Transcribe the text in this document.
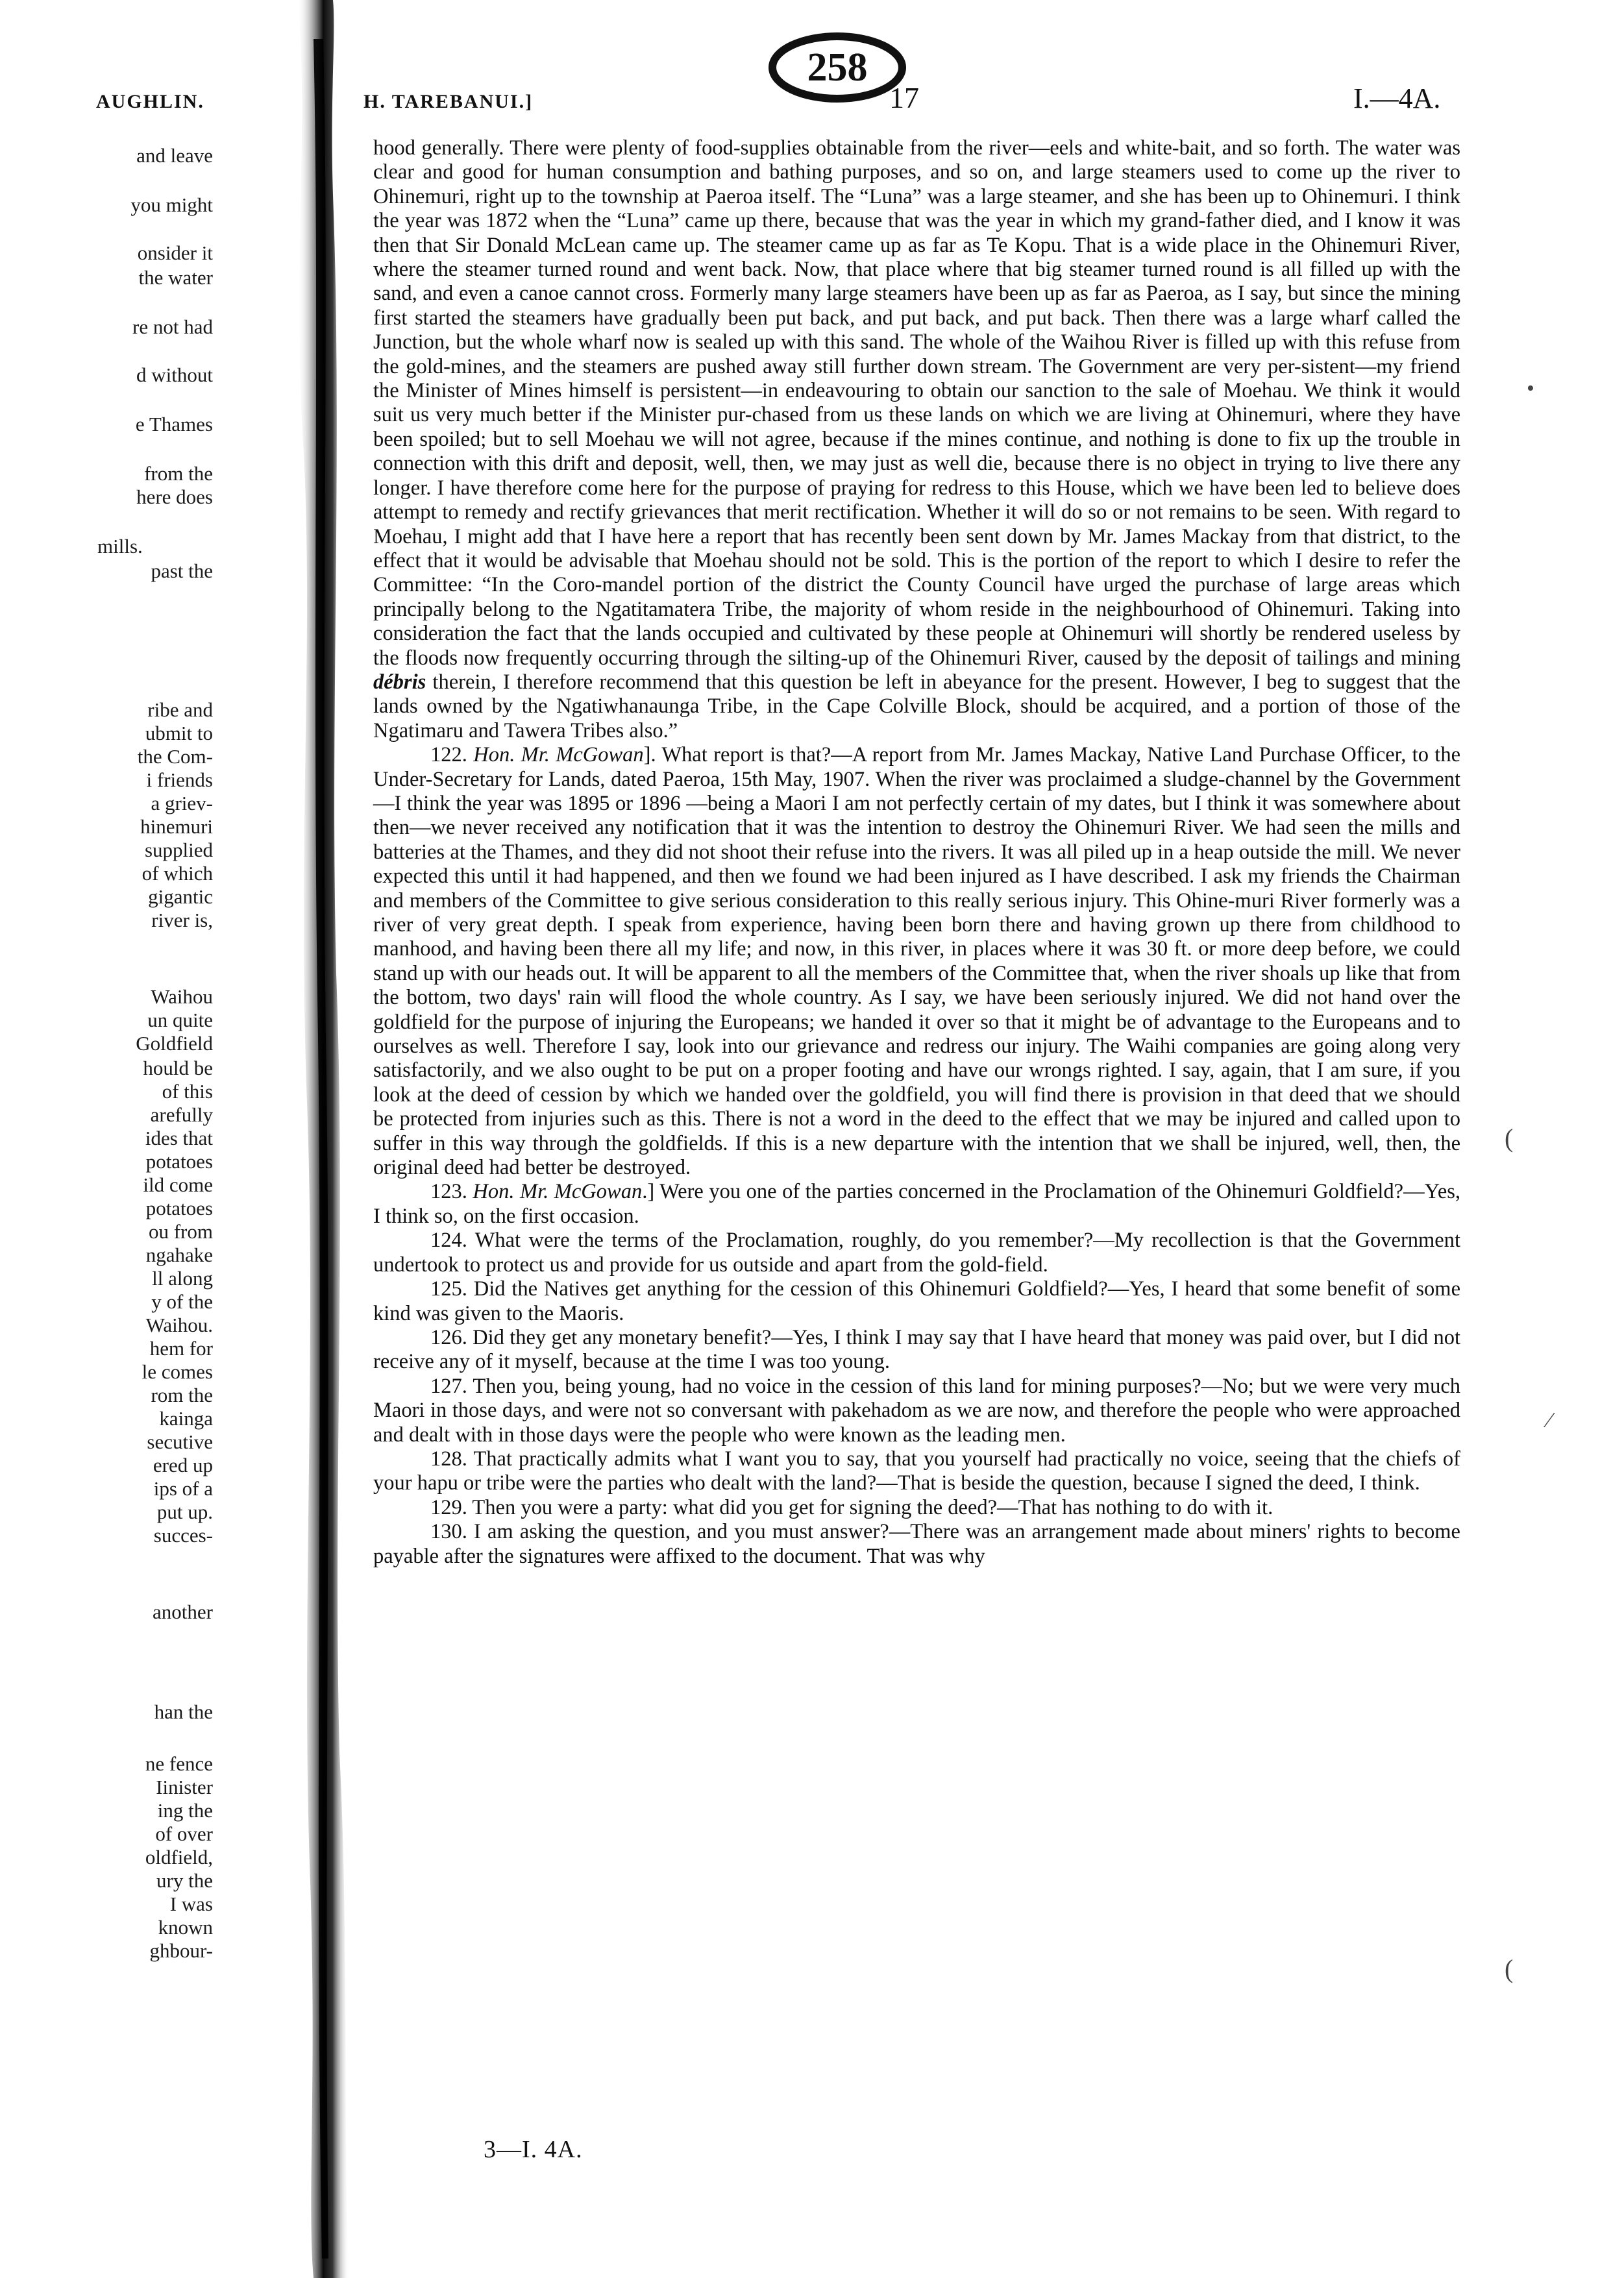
AUGHLIN.
and leave
you might
onsider it
the water
re not had
d without
e Thames
from the
here does
mills.
past the
ribe and
ubmit to
the Com-
i friends
a griev-
hinemuri
supplied
of which
gigantic
river is,
Waihou
un quite
Goldfield
hould be
of this
arefully
ides that
potatoes
ild come
potatoes
ou from
ngahake
ll along
y of the
Waihou.
hem for
le comes
rom the
kainga
secutive
ered up
ips of a
put up.
succes-
another
han the
ne fence
Iinister
ing the
of over
oldfield,
ury the
I was
known
ghbour-
258
H. TAREBANUI.]	17	I.—4A.

hood generally. There were plenty of food-supplies obtainable from the river—eels and white-bait, and so forth. The water was clear and good for human consumption and bathing purposes, and so on, and large steamers used to come up the river to Ohinemuri, right up to the township at Paeroa itself. The “Luna” was a large steamer, and she has been up to Ohinemuri. I think the year was 1872 when the “Luna” came up there, because that was the year in which my grand-father died, and I know it was then that Sir Donald McLean came up. The steamer came up as far as Te Kopu. That is a wide place in the Ohinemuri River, where the steamer turned round and went back. Now, that place where that big steamer turned round is all filled up with the sand, and even a canoe cannot cross. Formerly many large steamers have been up as far as Paeroa, as I say, but since the mining first started the steamers have gradually been put back, and put back, and put back. Then there was a large wharf called the Junction, but the whole wharf now is sealed up with this sand. The whole of the Waihou River is filled up with this refuse from the gold-mines, and the steamers are pushed away still further down stream. The Government are very per-sistent—my friend the Minister of Mines himself is persistent—in endeavouring to obtain our sanction to the sale of Moehau. We think it would suit us very much better if the Minister pur-chased from us these lands on which we are living at Ohinemuri, where they have been spoiled; but to sell Moehau we will not agree, because if the mines continue, and nothing is done to fix up the trouble in connection with this drift and deposit, well, then, we may just as well die, because there is no object in trying to live there any longer. I have therefore come here for the purpose of praying for redress to this House, which we have been led to believe does attempt to remedy and rectify grievances that merit rectification. Whether it will do so or not remains to be seen. With regard to Moehau, I might add that I have here a report that has recently been sent down by Mr. James Mackay from that district, to the effect that it would be advisable that Moehau should not be sold. This is the portion of the report to which I desire to refer the Committee: “In the Coro-mandel portion of the district the County Council have urged the purchase of large areas which principally belong to the Ngatitamatera Tribe, the majority of whom reside in the neighbourhood of Ohinemuri. Taking into consideration the fact that the lands occupied and cultivated by these people at Ohinemuri will shortly be rendered useless by the floods now frequently occurring through the silting-up of the Ohinemuri River, caused by the deposit of tailings and mining débris therein, I therefore recommend that this question be left in abeyance for the present. However, I beg to suggest that the lands owned by the Ngatiwhanaunga Tribe, in the Cape Colville Block, should be acquired, and a portion of those of the Ngatimaru and Tawera Tribes also.”

122. Hon. Mr. McGowan]. What report is that?—A report from Mr. James Mackay, Native Land Purchase Officer, to the Under-Secretary for Lands, dated Paeroa, 15th May, 1907. When the river was proclaimed a sludge-channel by the Government—I think the year was 1895 or 1896 —being a Maori I am not perfectly certain of my dates, but I think it was somewhere about then—we never received any notification that it was the intention to destroy the Ohinemuri River. We had seen the mills and batteries at the Thames, and they did not shoot their refuse into the rivers. It was all piled up in a heap outside the mill. We never expected this until it had happened, and then we found we had been injured as I have described. I ask my friends the Chairman and members of the Committee to give serious consideration to this really serious injury. This Ohine-muri River formerly was a river of very great depth. I speak from experience, having been born there and having grown up there from childhood to manhood, and having been there all my life; and now, in this river, in places where it was 30 ft. or more deep before, we could stand up with our heads out. It will be apparent to all the members of the Committee that, when the river shoals up like that from the bottom, two days' rain will flood the whole country. As I say, we have been seriously injured. We did not hand over the goldfield for the purpose of injuring the Europeans; we handed it over so that it might be of advantage to the Europeans and to ourselves as well. Therefore I say, look into our grievance and redress our injury. The Waihi companies are going along very satisfactorily, and we also ought to be put on a proper footing and have our wrongs righted. I say, again, that I am sure, if you look at the deed of cession by which we handed over the goldfield, you will find there is provision in that deed that we should be protected from injuries such as this. There is not a word in the deed to the effect that we may be injured and called upon to suffer in this way through the goldfields. If this is a new departure with the intention that we shall be injured, well, then, the original deed had better be destroyed.

123. Hon. Mr. McGowan.] Were you one of the parties concerned in the Proclamation of the Ohinemuri Goldfield?—Yes, I think so, on the first occasion.

124. What were the terms of the Proclamation, roughly, do you remember?—My recollection is that the Government undertook to protect us and provide for us outside and apart from the gold-field.

125. Did the Natives get anything for the cession of this Ohinemuri Goldfield?—Yes, I heard that some benefit of some kind was given to the Maoris.

126. Did they get any monetary benefit?—Yes, I think I may say that I have heard that money was paid over, but I did not receive any of it myself, because at the time I was too young.

127. Then you, being young, had no voice in the cession of this land for mining purposes?—No; but we were very much Maori in those days, and were not so conversant with pakehadom as we are now, and therefore the people who were approached and dealt with in those days were the people who were known as the leading men.

128. That practically admits what I want you to say, that you yourself had practically no voice, seeing that the chiefs of your hapu or tribe were the parties who dealt with the land?—That is beside the question, because I signed the deed, I think.

129. Then you were a party: what did you get for signing the deed?—That has nothing to do with it.

130. I am asking the question, and you must answer?—There was an arrangement made about miners' rights to become payable after the signatures were affixed to the document. That was why

3—I. 4A.
•
(
⁄
(
